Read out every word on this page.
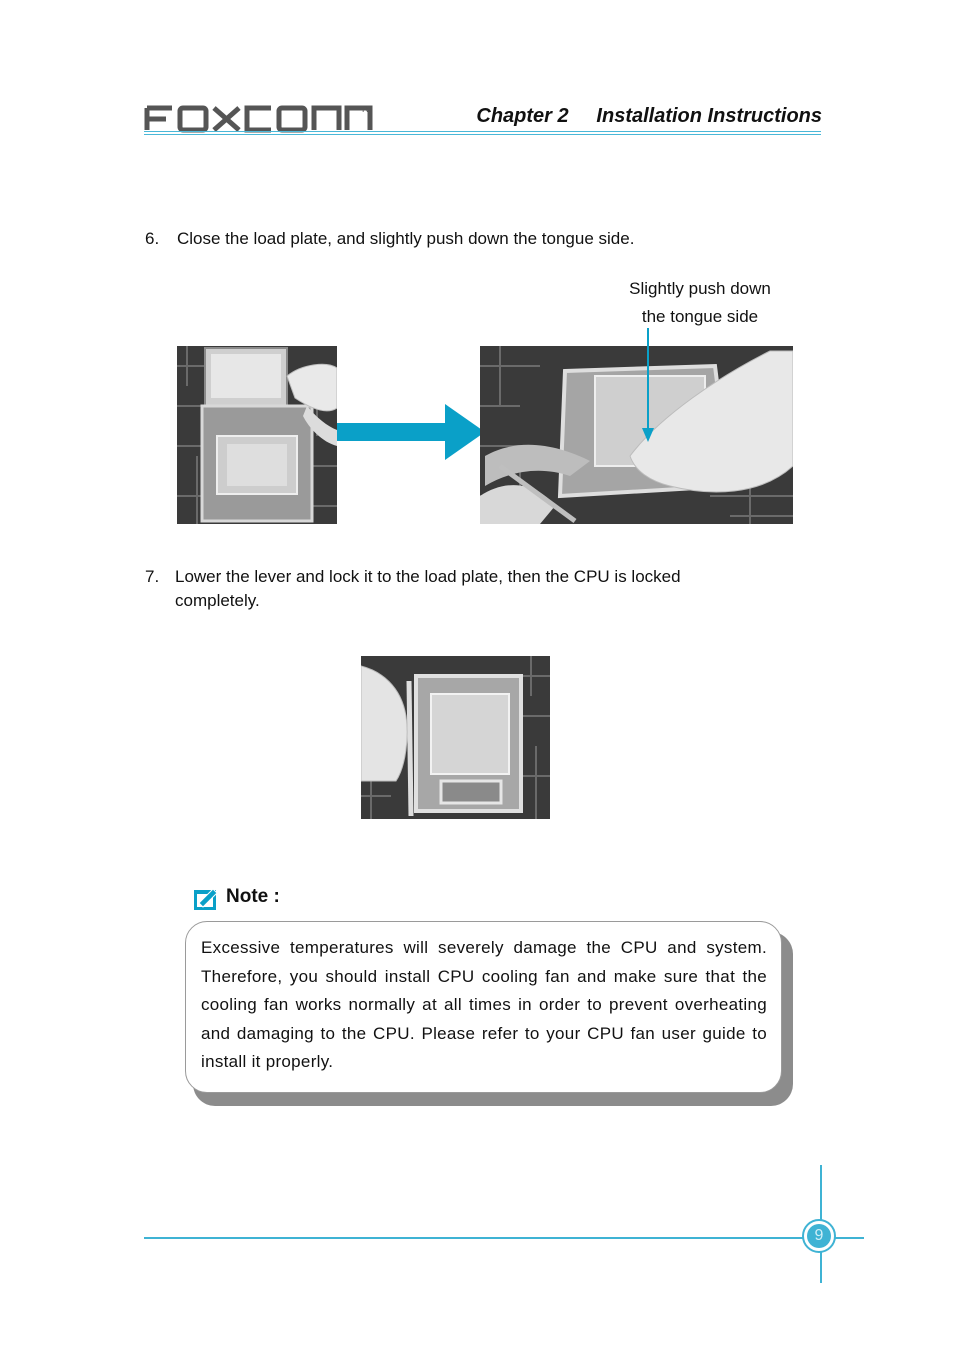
R	Chapter 2     Installation Instructions
6. Close the load plate, and slightly push down the tongue side.
Slightly push down
the tongue side
7. Lower the lever and lock it to the load plate, then the CPU is locked
completely.
Note :
Excessive temperatures will severely damage the CPU and system. Therefore, you should install CPU cooling fan and make sure that the cooling fan works normally at all times in order to prevent overheating and damaging to the CPU. Please refer to your CPU fan user guide to install it properly.
9
